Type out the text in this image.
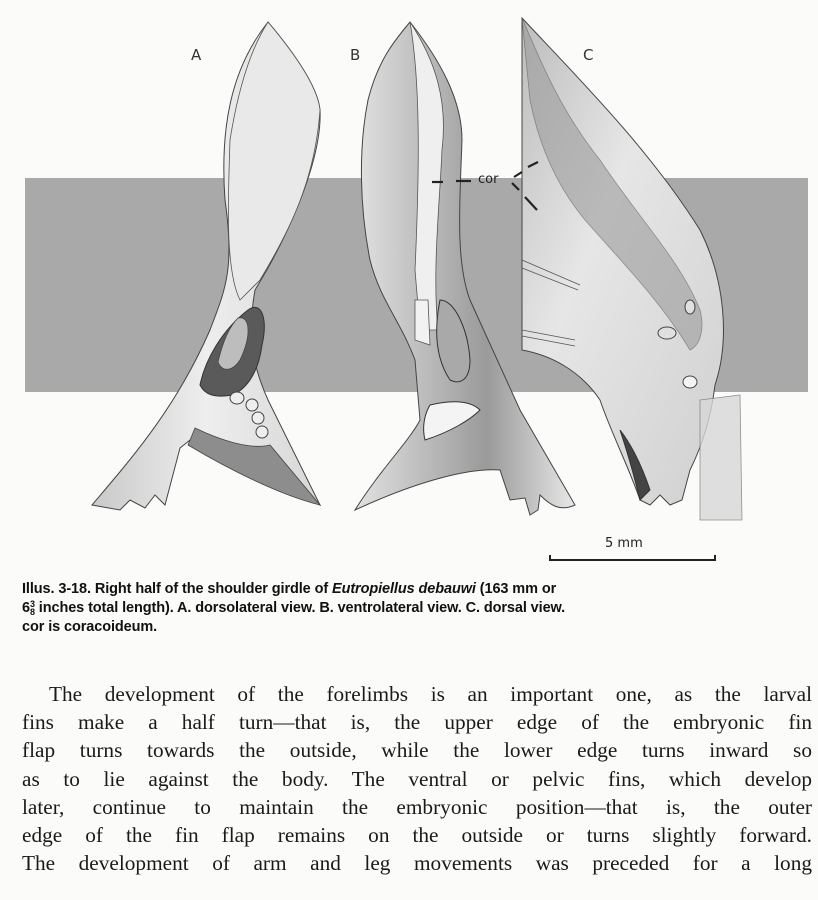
A	B	C
cor
5 mm
Illus. 3-18. Right half of the shoulder girdle of Eutropiellus debauwi (163 mm or
6 3
8 inches total length). A. dorsolateral view. B. ventrolateral view. C. dorsal view.
cor is coracoideum.
The development of the forelimbs is an important one, as the larval
fins make a half turn—that is, the upper edge of the embryonic fin
flap turns towards the outside, while the lower edge turns inward so
as to lie against the body. The ventral or pelvic fins, which develop
later, continue to maintain the embryonic position—that is, the outer
edge of the fin flap remains on the outside or turns slightly forward.
The development of arm and leg movements was preceded for a long
